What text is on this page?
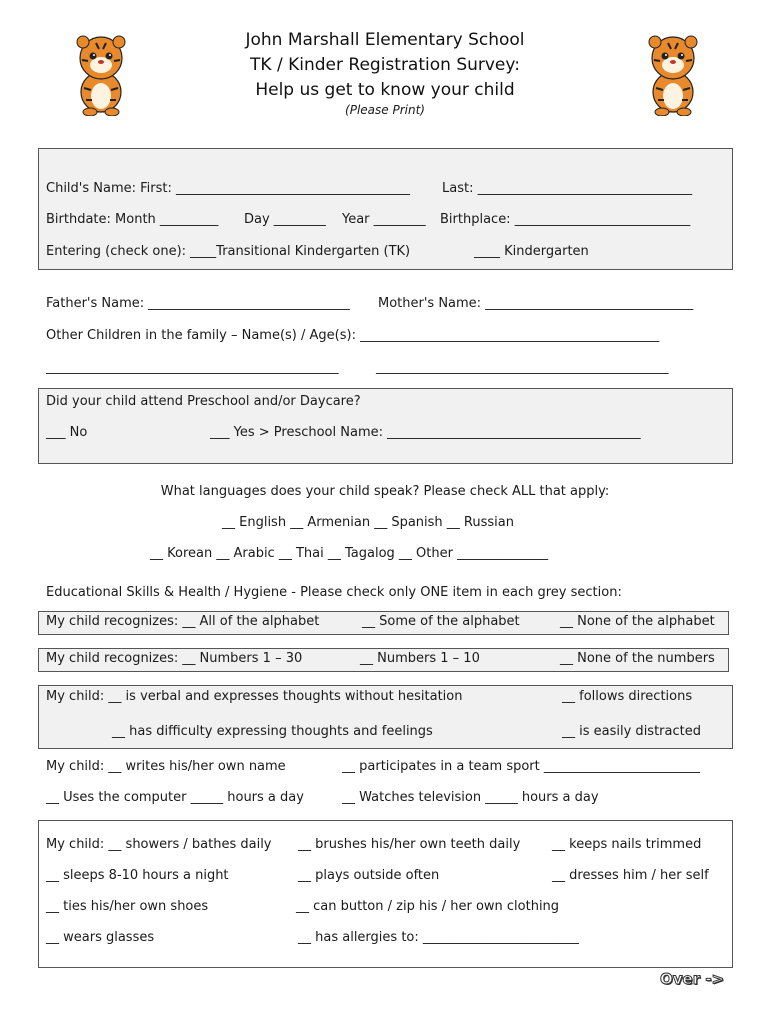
John Marshall Elementary School
TK / Kinder Registration Survey:
Help us get to know your child
(Please Print)
Child's Name: First: ____________________________________ Last: _________________________________
Birthdate: Month _________ Day ________ Year ________ Birthplace: ___________________________
Entering (check one): ____Transitional Kindergarten (TK)	____ Kindergarten
Father's Name: _______________________________ Mother's Name: ________________________________
Other Children in the family – Name(s) / Age(s): ______________________________________________
_____________________________________________	_____________________________________________
Did your child attend Preschool and/or Daycare?
___ No	___ Yes > Preschool Name: _______________________________________
What languages does your child speak? Please check ALL that apply:
__ English __ Armenian __ Spanish __ Russian
__ Korean __ Arabic __ Thai __ Tagalog __ Other ______________
Educational Skills & Health / Hygiene - Please check only ONE item in each grey section:
My child recognizes: __ All of the alphabet	__ Some of the alphabet	__ None of the alphabet
My child recognizes: __ Numbers 1 – 30	__ Numbers 1 – 10	__ None of the numbers
My child: __ is verbal and expresses thoughts without hesitation	__ follows directions
__ has difficulty expressing thoughts and feelings	__ is easily distracted
My child: __ writes his/her own name	__ participates in a team sport ________________________
__ Uses the computer _____ hours a day	__ Watches television _____ hours a day
My child: __ showers / bathes daily __ brushes his/her own teeth daily __ keeps nails trimmed
__ sleeps 8-10 hours a night	__ plays outside often	__ dresses him / her self
__ ties his/her own shoes	__ can button / zip his / her own clothing
__ wears glasses	__ has allergies to: ________________________
Over ->
